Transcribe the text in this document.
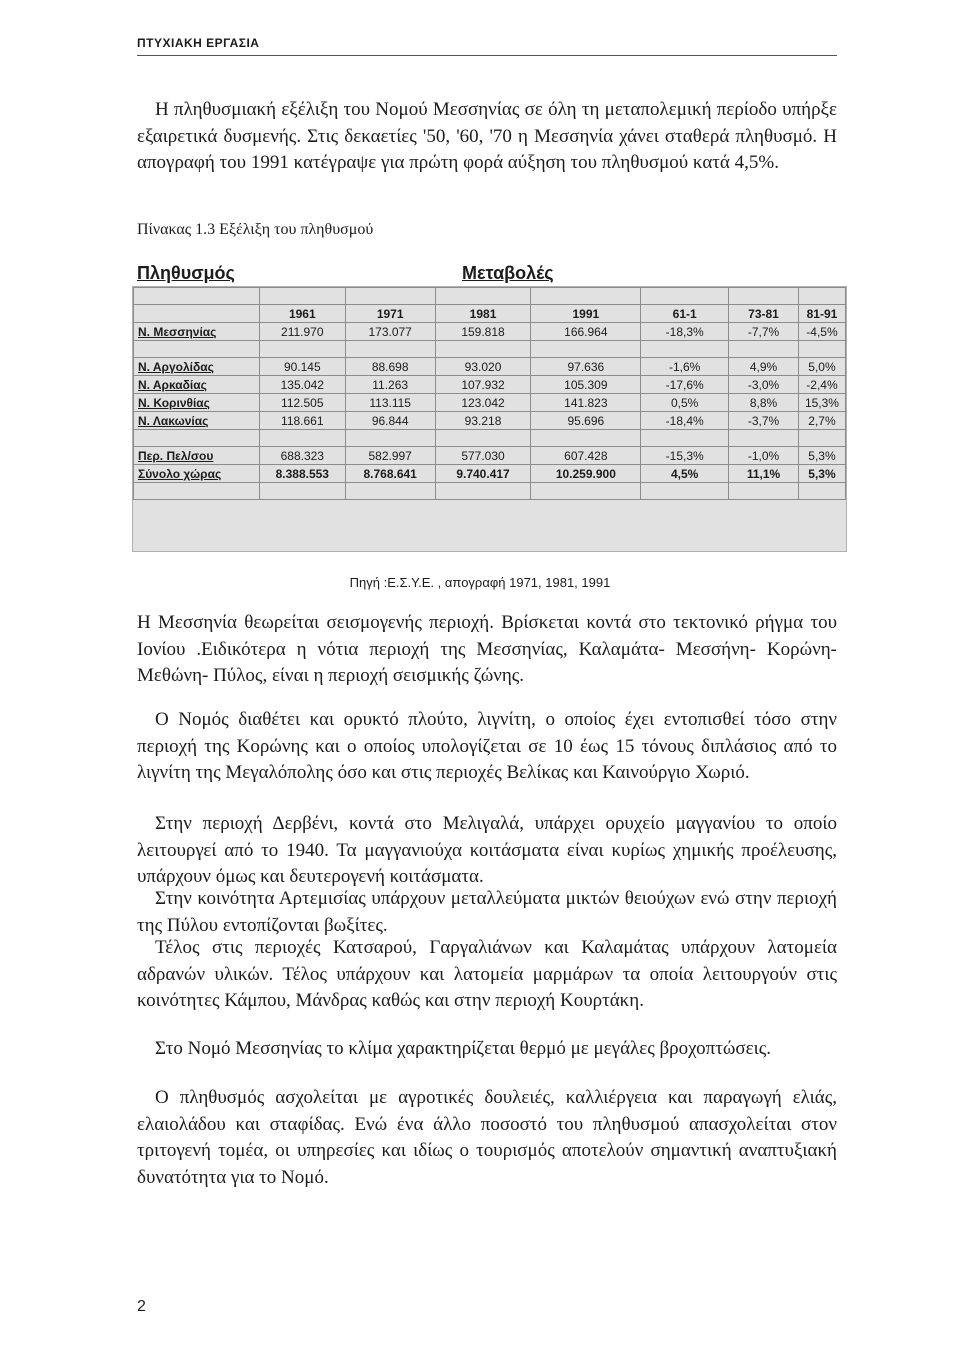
ΠΤΥΧΙΑΚΗ ΕΡΓΑΣΙΑ

Η πληθυσμιακή εξέλιξη του Νομού Μεσσηνίας σε όλη τη μεταπολεμική περίοδο υπήρξε εξαιρετικά δυσμενής. Στις δεκαετίες '50, '60, '70 η Μεσσηνία χάνει σταθερά πληθυσμό. Η απογραφή του 1991 κατέγραψε για πρώτη φορά αύξηση του πληθυσμού κατά 4,5%.

Πίνακας 1.3 Εξέλιξη του πληθυσμού
Πληθυσμός	Μεταβολές

	1961	1971	1981	1991	61-1	73-81	81-91
Ν. Μεσσηνίας	211.970	173.077	159.818	166.964	-18,3%	-7,7%	-4,5%

Ν. Αργολίδας	90.145	88.698	93.020	97.636	-1,6%	4,9%	5,0%
Ν. Αρκαδίας	135.042	11.263	107.932	105.309	-17,6%	-3,0%	-2,4%
Ν. Κορινθίας	112.505	113.115	123.042	141.823	0,5%	8,8%	15,3%
Ν. Λακωνίας	118.661	96.844	93.218	95.696	-18,4%	-3,7%	2,7%

Περ. Πελ/σου	688.323	582.997	577.030	607.428	-15,3%	-1,0%	5,3%
Σύνολο χώρας	8.388.553	8.768.641	9.740.417	10.259.900	4,5%	11,1%	5,3%

Πηγή :Ε.Σ.Υ.Ε. , απογραφή 1971, 1981, 1991

Η Μεσσηνία θεωρείται σεισμογενής περιοχή. Βρίσκεται κοντά στο τεκτονικό ρήγμα του Ιονίου .Ειδικότερα η νότια περιοχή της Μεσσηνίας, Καλαμάτα- Μεσσήνη- Κορώνη- Μεθώνη- Πύλος, είναι η περιοχή σεισμικής ζώνης.

Ο Νομός διαθέτει και ορυκτό πλούτο, λιγνίτη, ο οποίος έχει εντοπισθεί τόσο στην περιοχή της Κορώνης και ο οποίος υπολογίζεται σε 10 έως 15 τόνους διπλάσιος από το λιγνίτη της Μεγαλόπολης όσο και στις περιοχές Βελίκας και Καινούργιο Χωριό.

Στην περιοχή Δερβένι, κοντά στο Μελιγαλά, υπάρχει ορυχείο μαγγανίου το οποίο λειτουργεί από το 1940. Τα μαγγανιούχα κοιτάσματα είναι κυρίως χημικής προέλευσης, υπάρχουν όμως και δευτερογενή κοιτάσματα.

Στην κοινότητα Αρτεμισίας υπάρχουν μεταλλεύματα μικτών θειούχων ενώ στην περιοχή της Πύλου εντοπίζονται βωξίτες.

Τέλος στις περιοχές Κατσαρού, Γαργαλιάνων και Καλαμάτας υπάρχουν λατομεία αδρανών υλικών. Τέλος υπάρχουν και λατομεία μαρμάρων τα οποία λειτουργούν στις κοινότητες Κάμπου, Μάνδρας καθώς και στην περιοχή Κουρτάκη.

Στο Νομό Μεσσηνίας το κλίμα χαρακτηρίζεται θερμό με μεγάλες βροχοπτώσεις.

Ο πληθυσμός ασχολείται με αγροτικές δουλειές, καλλιέργεια και παραγωγή ελιάς, ελαιολάδου και σταφίδας. Ενώ ένα άλλο ποσοστό του πληθυσμού απασχολείται στον τριτογενή τομέα, οι υπηρεσίες και ιδίως ο τουρισμός αποτελούν σημαντική αναπτυξιακή δυνατότητα για το Νομό.

2
